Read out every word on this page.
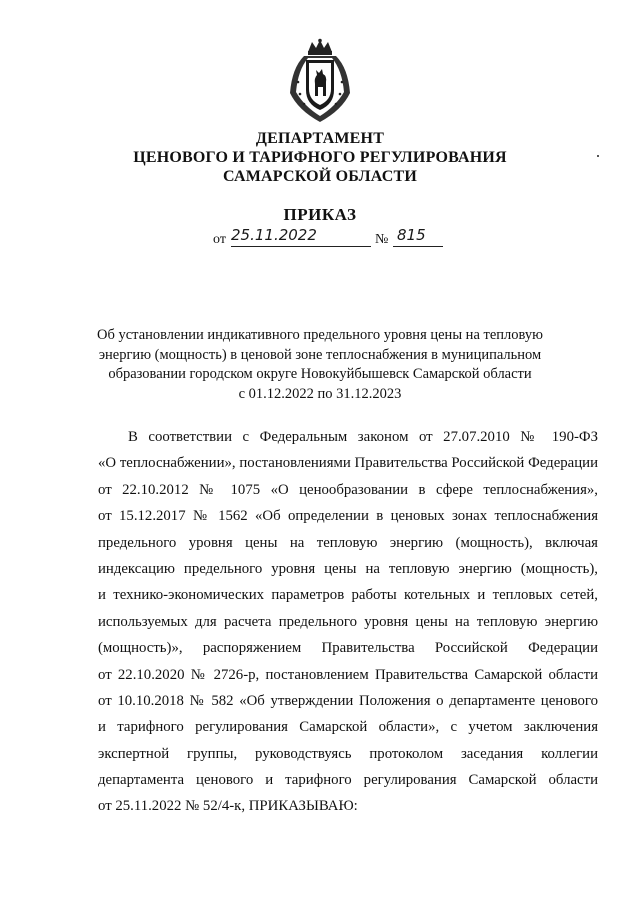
ДЕПАРТАМЕНТ
ЦЕНОВОГО И ТАРИФНОГО РЕГУЛИРОВАНИЯ
САМАРСКОЙ ОБЛАСТИ
ПРИКАЗ
от 25.11.2022	№ 815
Об установлении индикативного предельного уровня цены на тепловую
энергию (мощность) в ценовой зоне теплоснабжения в муниципальном
образовании городском округе Новокуйбышевск Самарской области
с 01.12.2022 по 31.12.2023
В соответствии с Федеральным законом от 27.07.2010 № 190-ФЗ
«О теплоснабжении», постановлениями Правительства Российской Федерации
от 22.10.2012 № 1075 «О ценообразовании в сфере теплоснабжения»,
от 15.12.2017 № 1562 «Об определении в ценовых зонах теплоснабжения
предельного уровня цены на тепловую энергию (мощность), включая
индексацию предельного уровня цены на тепловую энергию (мощность),
и технико-экономических параметров работы котельных и тепловых сетей,
используемых для расчета предельного уровня цены на тепловую энергию
(мощность)», распоряжением Правительства Российской Федерации
от 22.10.2020 № 2726-р, постановлением Правительства Самарской области
от 10.10.2018 № 582 «Об утверждении Положения о департаменте ценового
и тарифного регулирования Самарской области», с учетом заключения
экспертной группы, руководствуясь протоколом заседания коллегии
департамента ценового и тарифного регулирования Самарской области
от 25.11.2022 № 52/4-к, ПРИКАЗЫВАЮ:
